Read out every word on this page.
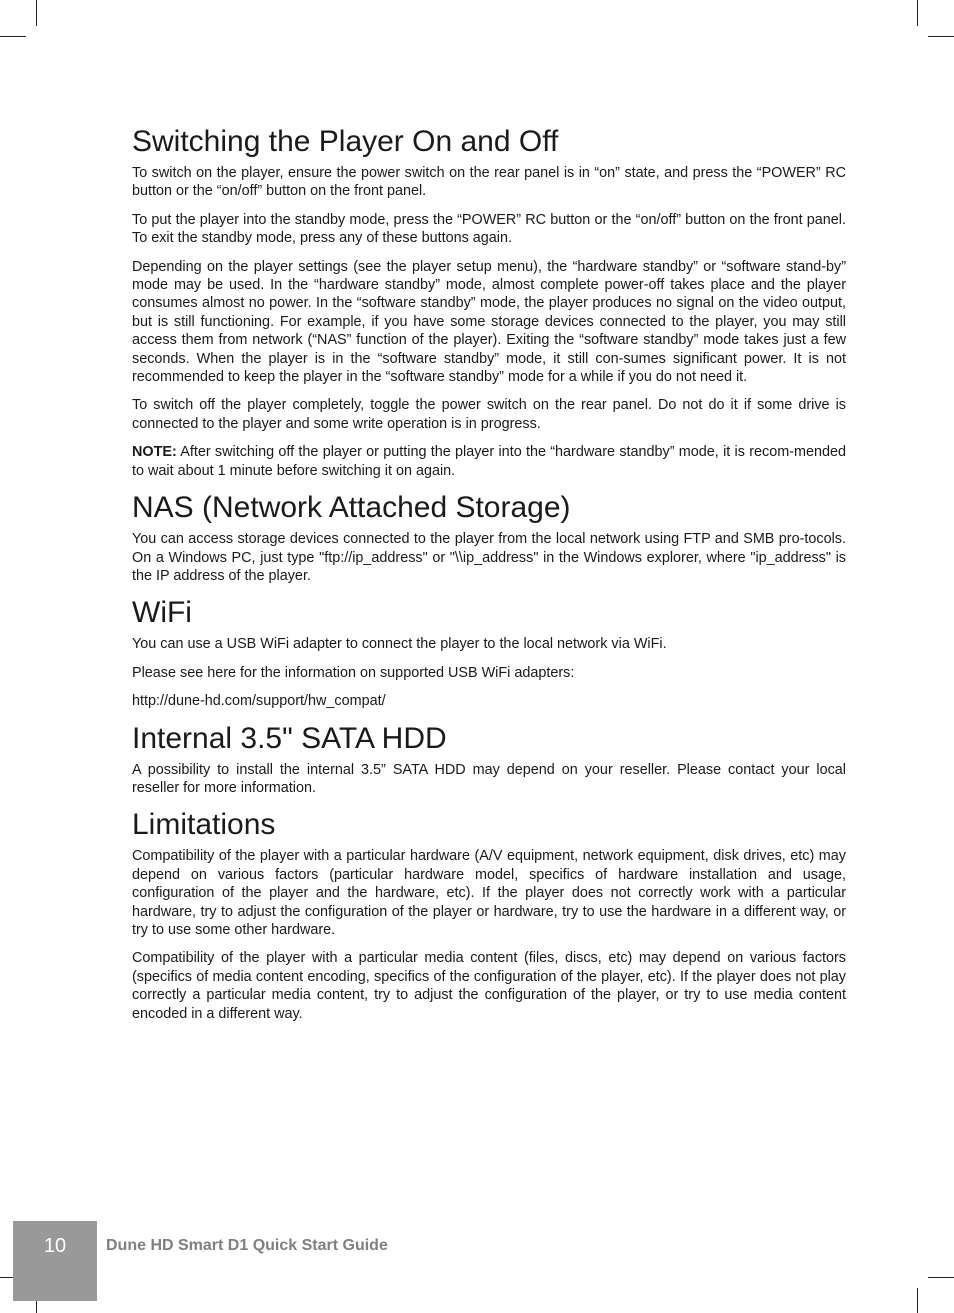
Switching the Player On and Off

To switch on the player, ensure the power switch on the rear panel is in “on” state, and press the “POWER” RC button or the “on/off” button on the front panel.

To put the player into the standby mode, press the “POWER” RC button or the “on/off” button on the front panel. To exit the standby mode, press any of these buttons again.

Depending on the player settings (see the player setup menu), the “hardware standby” or “software stand-by” mode may be used. In the “hardware standby” mode, almost complete power-off takes place and the player consumes almost no power. In the “software standby” mode, the player produces no signal on the video output, but is still functioning. For example, if you have some storage devices connected to the player, you may still access them from network (“NAS” function of the player). Exiting the “software standby” mode takes just a few seconds. When the player is in the “software standby” mode, it still con-sumes significant power. It is not recommended to keep the player in the “software standby” mode for a while if you do not need it.

To switch off the player completely, toggle the power switch on the rear panel. Do not do it if some drive is connected to the player and some write operation is in progress.

NOTE: After switching off the player or putting the player into the “hardware standby” mode, it is recom-mended to wait about 1 minute before switching it on again.

NAS (Network Attached Storage)

You can access storage devices connected to the player from the local network using FTP and SMB pro-tocols. On a Windows PC, just type "ftp://ip_address" or "\\ip_address" in the Windows explorer, where "ip_address" is the IP address of the player.

WiFi

You can use a USB WiFi adapter to connect the player to the local network via WiFi.

Please see here for the information on supported USB WiFi adapters:

http://dune-hd.com/support/hw_compat/

Internal 3.5" SATA HDD

A possibility to install the internal 3.5” SATA HDD may depend on your reseller. Please contact your local reseller for more information.

Limitations

Compatibility of the player with a particular hardware (A/V equipment, network equipment, disk drives, etc) may depend on various factors (particular hardware model, specifics of hardware installation and usage, configuration of the player and the hardware, etc). If the player does not correctly work with a particular hardware, try to adjust the configuration of the player or hardware, try to use the hardware in a different way, or try to use some other hardware.

Compatibility of the player with a particular media content (files, discs, etc) may depend on various factors (specifics of media content encoding, specifics of the configuration of the player, etc). If the player does not play correctly a particular media content, try to adjust the configuration of the player, or try to use media content encoded in a different way.

10	Dune HD Smart D1 Quick Start Guide
